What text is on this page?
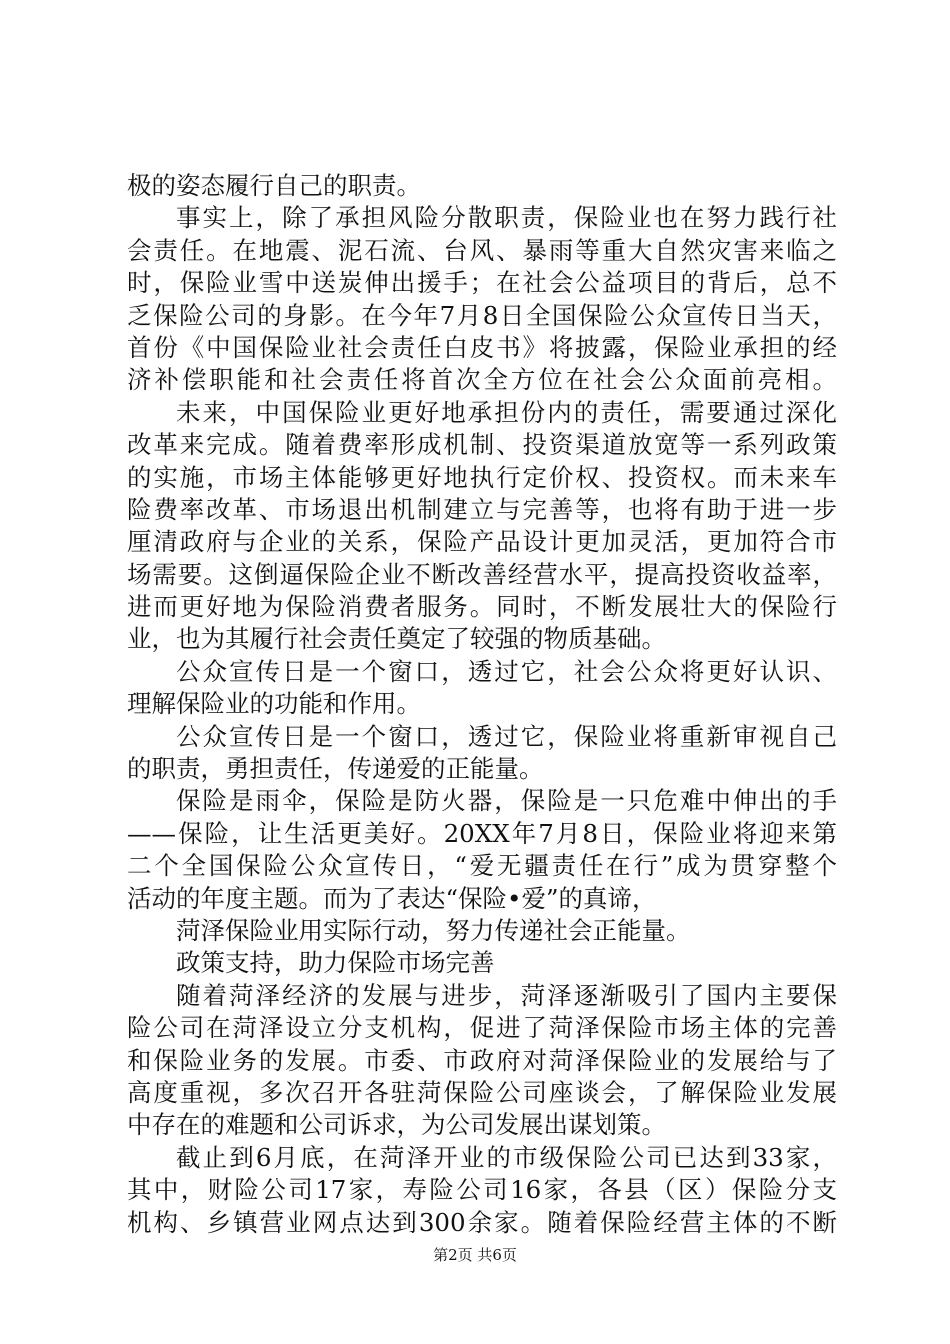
极的姿态履行自己的职责。
事实上，除了承担风险分散职责，保险业也在努力践行社
会责任。在地震、泥石流、台风、暴雨等重大自然灾害来临之
时，保险业雪中送炭伸出援手；在社会公益项目的背后，总不
乏保险公司的身影。在今年7月8日全国保险公众宣传日当天，
首份《中国保险业社会责任白皮书》将披露，保险业承担的经
济补偿职能和社会责任将首次全方位在社会公众面前亮相。
未来，中国保险业更好地承担份内的责任，需要通过深化
改革来完成。随着费率形成机制、投资渠道放宽等一系列政策
的实施，市场主体能够更好地执行定价权、投资权。而未来车
险费率改革、市场退出机制建立与完善等，也将有助于进一步
厘清政府与企业的关系，保险产品设计更加灵活，更加符合市
场需要。这倒逼保险企业不断改善经营水平，提高投资收益率，
进而更好地为保险消费者服务。同时，不断发展壮大的保险行
业，也为其履行社会责任奠定了较强的物质基础。
公众宣传日是一个窗口，透过它，社会公众将更好认识、
理解保险业的功能和作用。
公众宣传日是一个窗口，透过它，保险业将重新审视自己
的职责，勇担责任，传递爱的正能量。
保险是雨伞，保险是防火器，保险是一只危难中伸出的手
——保险，让生活更美好。20XX年7月8日，保险业将迎来第
二个全国保险公众宣传日，“爱无疆责任在行”成为贯穿整个
活动的年度主题。而为了表达“保险•爱”的真谛，
菏泽保险业用实际行动，努力传递社会正能量。
政策支持，助力保险市场完善
随着菏泽经济的发展与进步，菏泽逐渐吸引了国内主要保
险公司在菏泽设立分支机构，促进了菏泽保险市场主体的完善
和保险业务的发展。市委、市政府对菏泽保险业的发展给与了
高度重视，多次召开各驻菏保险公司座谈会，了解保险业发展
中存在的难题和公司诉求，为公司发展出谋划策。
截止到6月底，在菏泽开业的市级保险公司已达到33家，
其中，财险公司17家，寿险公司16家，各县（区）保险分支
机构、乡镇营业网点达到300余家。随着保险经营主体的不断
第2页 共6页
